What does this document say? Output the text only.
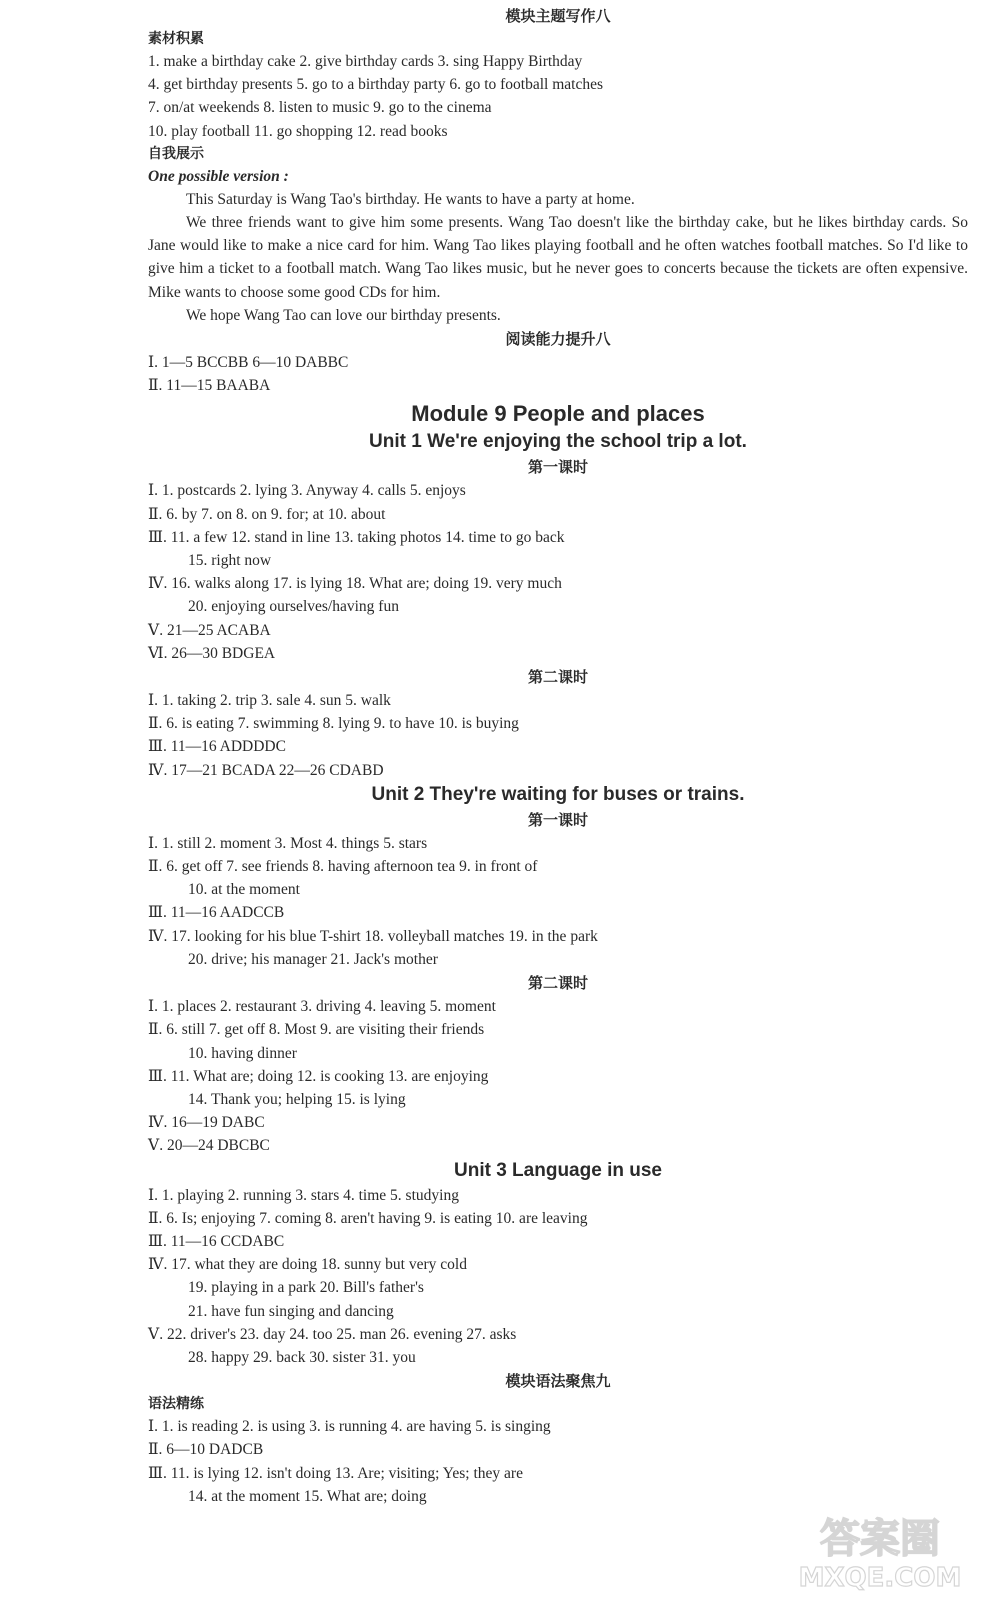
模块主题写作八
素材积累
1. make a birthday cake 2. give birthday cards 3. sing Happy Birthday
4. get birthday presents 5. go to a birthday party 6. go to football matches
7. on/at weekends 8. listen to music 9. go to the cinema
10. play football 11. go shopping 12. read books
自我展示
One possible version :
This Saturday is Wang Tao's birthday. He wants to have a party at home.
We three friends want to give him some presents. Wang Tao doesn't like the birthday cake, but he likes birthday cards. So Jane would like to make a nice card for him. Wang Tao likes playing football and he often watches football matches. So I'd like to give him a ticket to a football match. Wang Tao likes music, but he never goes to concerts because the tickets are often expensive. Mike wants to choose some good CDs for him.
We hope Wang Tao can love our birthday presents.
阅读能力提升八
Ⅰ. 1—5 BCCBB 6—10 DABBC
Ⅱ. 11—15 BAABA
Module 9 People and places
Unit 1 We're enjoying the school trip a lot.
第一课时
Ⅰ. 1. postcards 2. lying 3. Anyway 4. calls 5. enjoys
Ⅱ. 6. by 7. on 8. on 9. for; at 10. about
Ⅲ. 11. a few 12. stand in line 13. taking photos 14. time to go back
15. right now
Ⅳ. 16. walks along 17. is lying 18. What are; doing 19. very much
20. enjoying ourselves/having fun
Ⅴ. 21—25 ACABA
Ⅵ. 26—30 BDGEA
第二课时
Ⅰ. 1. taking 2. trip 3. sale 4. sun 5. walk
Ⅱ. 6. is eating 7. swimming 8. lying 9. to have 10. is buying
Ⅲ. 11—16 ADDDDC
Ⅳ. 17—21 BCADA 22—26 CDABD
Unit 2 They're waiting for buses or trains.
第一课时
Ⅰ. 1. still 2. moment 3. Most 4. things 5. stars
Ⅱ. 6. get off 7. see friends 8. having afternoon tea 9. in front of
10. at the moment
Ⅲ. 11—16 AADCCB
Ⅳ. 17. looking for his blue T-shirt 18. volleyball matches 19. in the park
20. drive; his manager 21. Jack's mother
第二课时
Ⅰ. 1. places 2. restaurant 3. driving 4. leaving 5. moment
Ⅱ. 6. still 7. get off 8. Most 9. are visiting their friends
10. having dinner
Ⅲ. 11. What are; doing 12. is cooking 13. are enjoying
14. Thank you; helping 15. is lying
Ⅳ. 16—19 DABC
Ⅴ. 20—24 DBCBC
Unit 3 Language in use
Ⅰ. 1. playing 2. running 3. stars 4. time 5. studying
Ⅱ. 6. Is; enjoying 7. coming 8. aren't having 9. is eating 10. are leaving
Ⅲ. 11—16 CCDABC
Ⅳ. 17. what they are doing 18. sunny but very cold
19. playing in a park 20. Bill's father's
21. have fun singing and dancing
Ⅴ. 22. driver's 23. day 24. too 25. man 26. evening 27. asks
28. happy 29. back 30. sister 31. you
模块语法聚焦九
语法精练
Ⅰ. 1. is reading 2. is using 3. is running 4. are having 5. is singing
Ⅱ. 6—10 DADCB
Ⅲ. 11. is lying 12. isn't doing 13. Are; visiting; Yes; they are
14. at the moment 15. What are; doing
答案圈
MXQE.COM
